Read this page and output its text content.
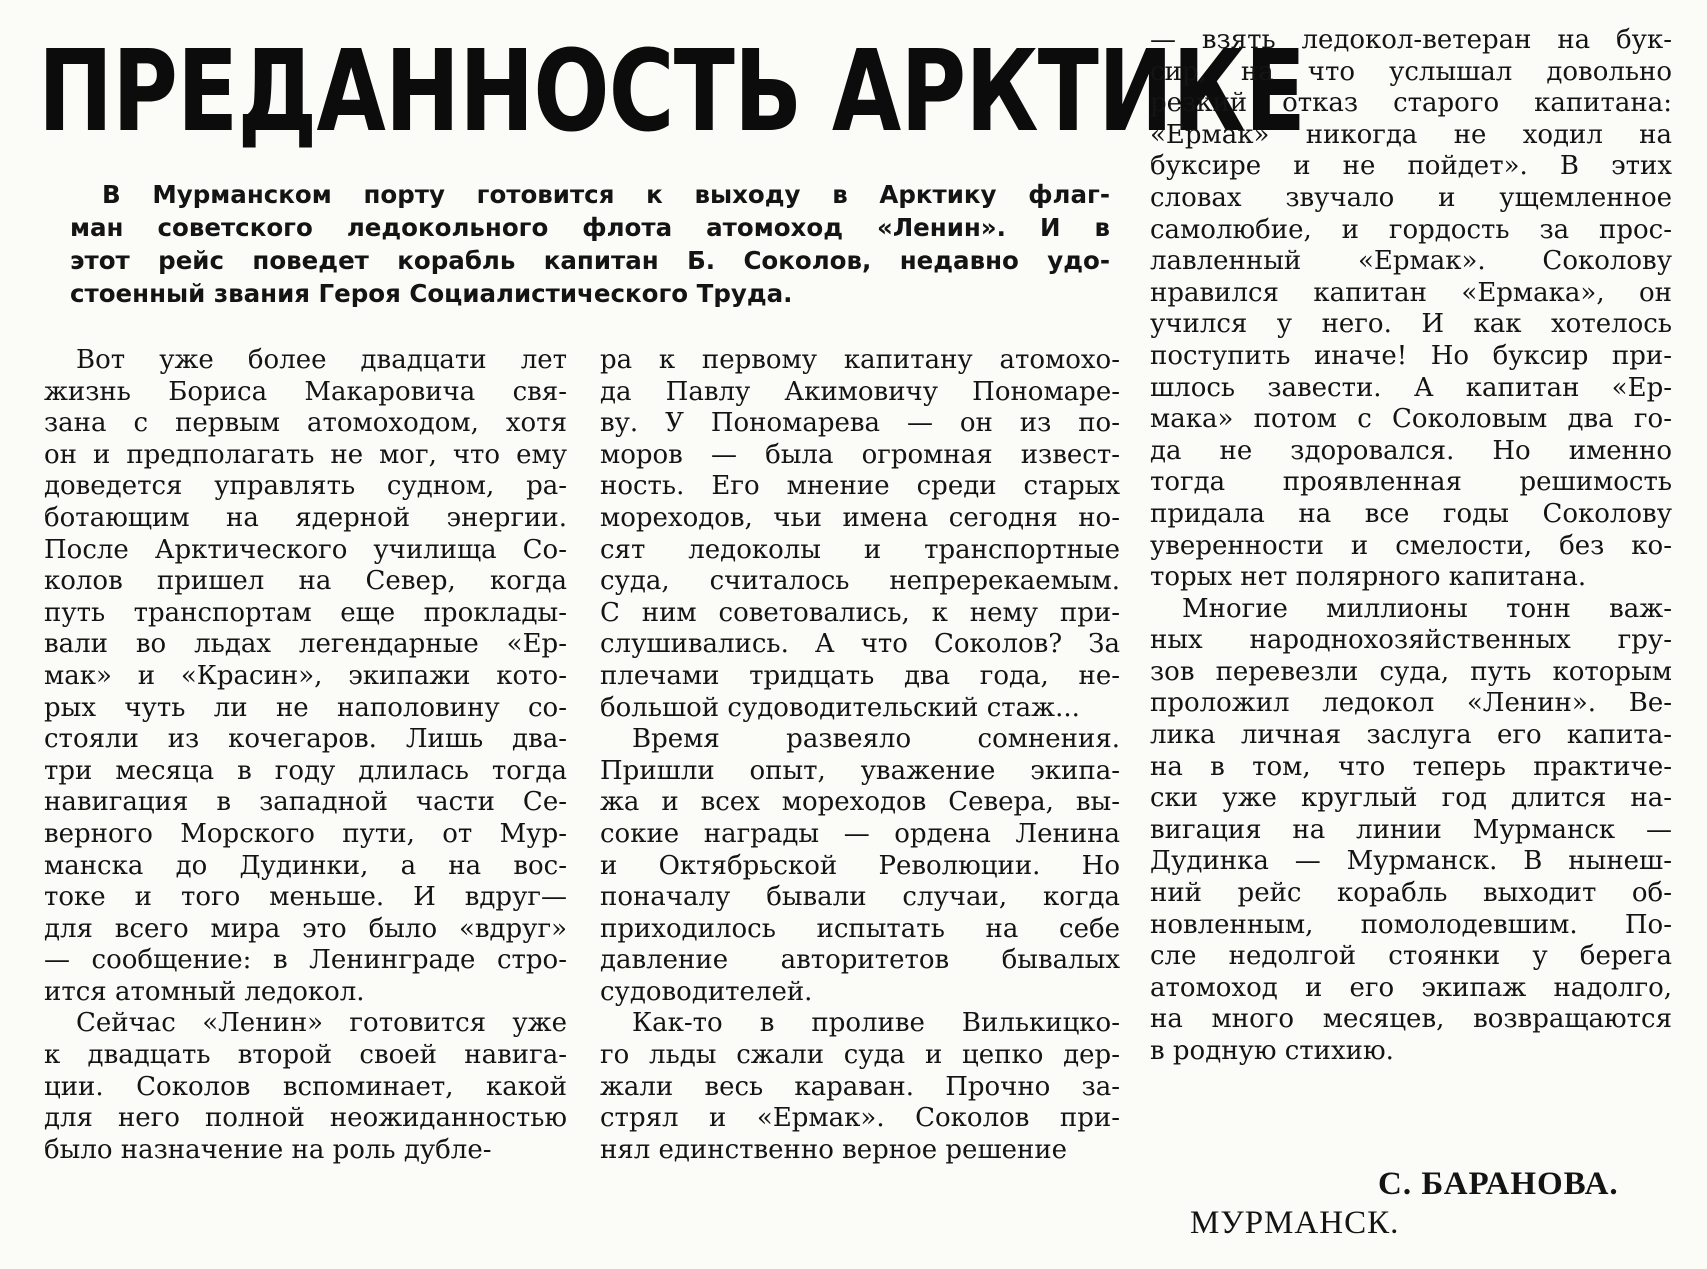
ПРЕДАННОСТЬ АРКТИКЕ
В Мурманском порту готовится к выходу в Арктику флаг-
ман советского ледокольного флота атомоход «Ленин». И в
этот рейс поведет корабль капитан Б. Соколов, недавно удо-
стоенный звания Героя Социалистического Труда.
Вот уже более двадцати лет
жизнь Бориса Макаровича свя-
зана с первым атомоходом, хотя
он и предполагать не мог, что ему
доведется управлять судном, ра-
ботающим на ядерной энергии.
После Арктического училища Со-
колов пришел на Север, когда
путь транспортам еще проклады-
вали во льдах легендарные «Ер-
мак» и «Красин», экипажи кото-
рых чуть ли не наполовину со-
стояли из кочегаров. Лишь два-
три месяца в году длилась тогда
навигация в западной части Се-
верного Морского пути, от Мур-
манска до Дудинки, а на вос-
токе и того меньше. И вдруг—
для всего мира это было «вдруг»
— сообщение: в Ленинграде стро-
ится атомный ледокол.
Сейчас «Ленин» готовится уже
к двадцать второй своей навига-
ции. Соколов вспоминает, какой
для него полной неожиданностью
было назначение на роль дубле-
ра к первому капитану атомохо-
да Павлу Акимовичу Пономаре-
ву. У Пономарева — он из по-
моров — была огромная извест-
ность. Его мнение среди старых
мореходов, чьи имена сегодня но-
сят ледоколы и транспортные
суда, считалось непререкаемым.
С ним советовались, к нему при-
слушивались. А что Соколов? За
плечами тридцать два года, не-
большой судоводительский стаж...
Время развеяло сомнения.
Пришли опыт, уважение экипа-
жа и всех мореходов Севера, вы-
сокие награды — ордена Ленина
и Октябрьской Революции. Но
поначалу бывали случаи, когда
приходилось испытать на себе
давление авторитетов бывалых
судоводителей.
Как-то в проливе Вилькицко-
го льды сжали суда и цепко дер-
жали весь караван. Прочно за-
стрял и «Ермак». Соколов при-
нял единственно верное решение
— взять ледокол-ветеран на бук-
сир, на что услышал довольно
резкий отказ старого капитана:
«Ермак» никогда не ходил на
буксире и не пойдет». В этих
словах звучало и ущемленное
самолюбие, и гордость за прос-
лавленный «Ермак». Соколову
нравился капитан «Ермака», он
учился у него. И как хотелось
поступить иначе! Но буксир при-
шлось завести. А капитан «Ер-
мака» потом с Соколовым два го-
да не здоровался. Но именно
тогда проявленная решимость
придала на все годы Соколову
уверенности и смелости, без ко-
торых нет полярного капитана.
Многие миллионы тонн важ-
ных народнохозяйственных гру-
зов перевезли суда, путь которым
проложил ледокол «Ленин». Ве-
лика личная заслуга его капита-
на в том, что теперь практиче-
ски уже круглый год длится на-
вигация на линии Мурманск —
Дудинка — Мурманск. В нынеш-
ний рейс корабль выходит об-
новленным, помолодевшим. По-
сле недолгой стоянки у берега
атомоход и его экипаж надолго,
на много месяцев, возвращаются
в родную стихию.
С. БАРАНОВА.
МУРМАНСК.
